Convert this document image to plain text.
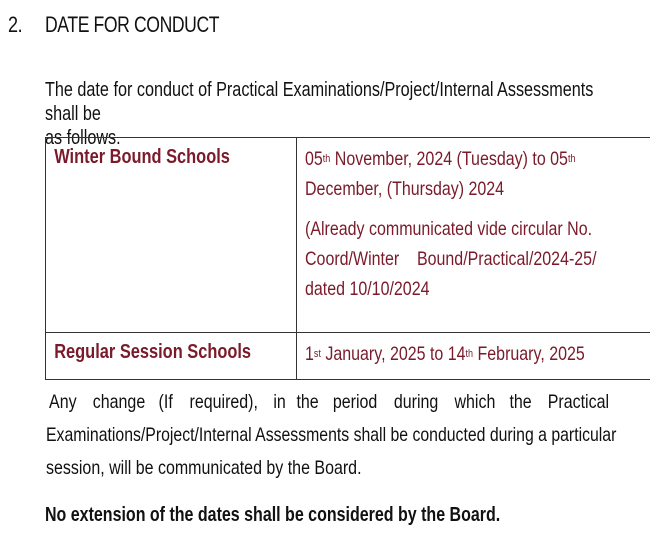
2. DATE FOR CONDUCT
The date for conduct of Practical Examinations/Project/Internal Assessments shall be
as follows.
Winter Bound Schools	05th November, 2024 (Tuesday) to 05th
December, (Thursday) 2024
(Already communicated vide circular No.
Coord/Winter    Bound/Practical/2024-25/
dated 10/10/2024

Regular Session Schools	1st January, 2025 to 14th February, 2025
Any change (If required), in the period during which the Practical
Examinations/Project/Internal Assessments shall be conducted during a particular
session, will be communicated by the Board.
No extension of the dates shall be considered by the Board.
